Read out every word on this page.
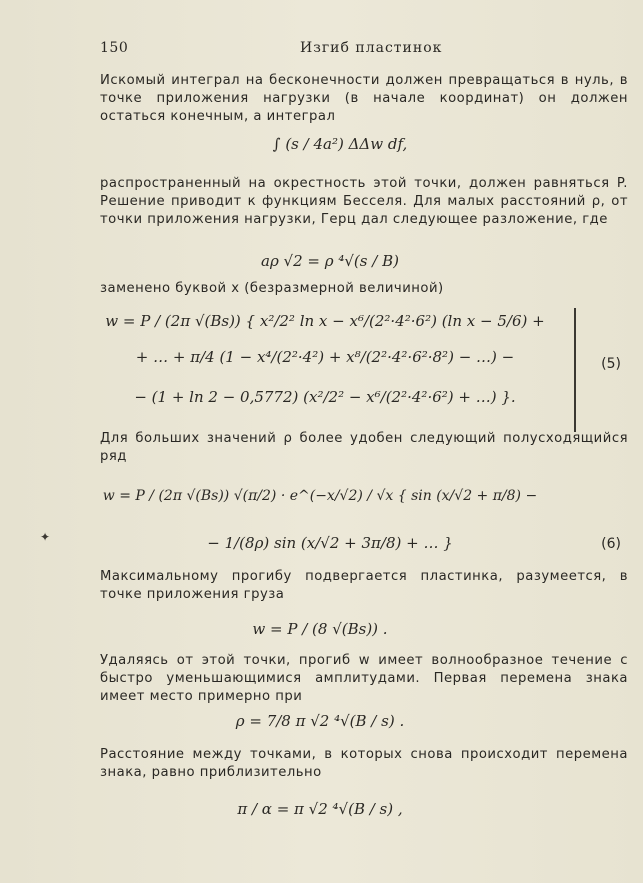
150	Изгиб пластинок

Искомый интеграл на бесконечности должен превращаться в нуль, в точке приложения нагрузки (в начале координат) он должен остаться конечным, а интеграл

∫ (s / 4a²) ΔΔw df,

распространенный на окрестность этой точки, должен равняться P. Решение приводит к функциям Бесселя. Для малых расстояний ρ, от точки приложения нагрузки, Герц дал следующее разложение, где

aρ √2 = ρ ⁴√(s / B)

заменено буквой x (безразмерной величиной)

w = P / (2π √(Bs)) { x²/2² ln x − x⁶/(2²·4²·6²) (ln x − 5/6) +
+ … + π/4 (1 − x⁴/(2²·4²) + x⁸/(2²·4²·6²·8²) − …) −
− (1 + ln 2 − 0,5772) (x²/2² − x⁶/(2²·4²·6²) + …) }.
(5)

Для больших значений ρ более удобен следующий полусходящийся ряд

w = P / (2π √(Bs)) √(π/2) · e^(−x/√2) / √x { sin (x/√2 + π/8) −
− 1/(8ρ) sin (x/√2 + 3π/8) + … }	(6)
✦

Максимальному прогибу подвергается пластинка, разумеется, в точке приложения груза

w = P / (8 √(Bs)) .

Удаляясь от этой точки, прогиб w имеет волнообразное течение с быстро уменьшающимися амплитудами. Первая перемена знака имеет место примерно при

ρ = 7/8 π √2 ⁴√(B / s) .

Расстояние между точками, в которых снова происходит перемена знака, равно приблизительно

π / α = π √2 ⁴√(B / s) ,
